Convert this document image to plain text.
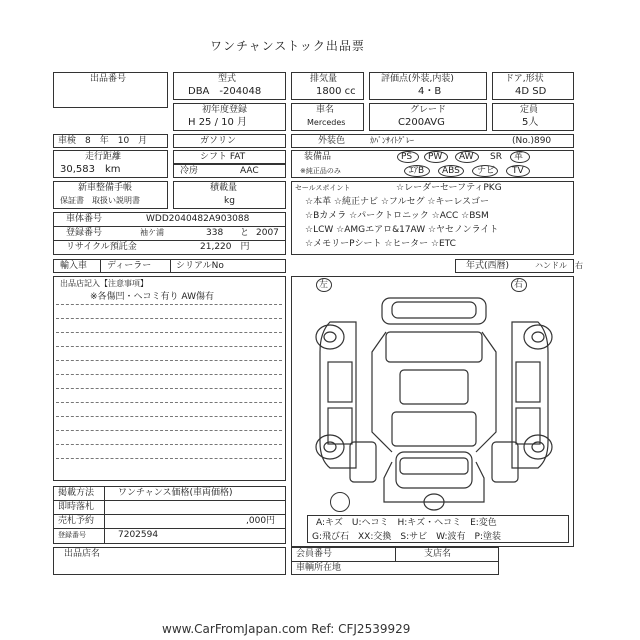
ワンチャンストック出品票
出品番号	型式
DBA　-204048
排気量
1800 cc
評価点(外装,内装)
4・B
ドア,形状
4D SD
初年度登録
H 25 / 10 月
車名
Mercedes
グレード
C200AVG
定員
5人
車検　8　年　10　月	ガソリン	外装色	ｶﾊﾞﾝｻｲﾄｸﾞﾚｰ	(No.)890
走行距離
30,583　km
シフト FAT
冷房	AAC
装備品
※純正品のみ
PS PW AW SR 革
ｴｱB ABS ナビ TV
新車整備手帳
保証書　取扱い説明書
積載量
kg
セールスポイント	☆レーダーセーフティPKG
☆本革 ☆純正ナビ ☆フルセグ ☆キーレスゴー
☆Bカメラ ☆パークトロニック ☆ACC ☆BSM
☆LCW ☆AMGエアロ&17AW ☆ヤセノンライト
☆メモリーPシート ☆ヒーター ☆ETC
車体番号	WDD2040482A903088
登録番号	袖ケ浦	338 と 2007
リサイクル預託金	21,220　円
輸入車 ディーラー	シリアルNo	年式(西暦)	ハンドル　右
出品店記入【注意事項】
※各傷凹・ヘコミ有り AW傷有
左	右
A:キズ　U:ヘコミ　H:キズ・ヘコミ　E:変色
G:飛び石　XX:交換　S:サビ　W:波有　P:塗装
掲載方法	ワンチャンス価格(車両価格)
即時落札
売札予約	,000円
登録番号	7202594
出品店名	会員番号	支店名
車輌所在地
www.CarFromJapan.com Ref: CFJ2539929
